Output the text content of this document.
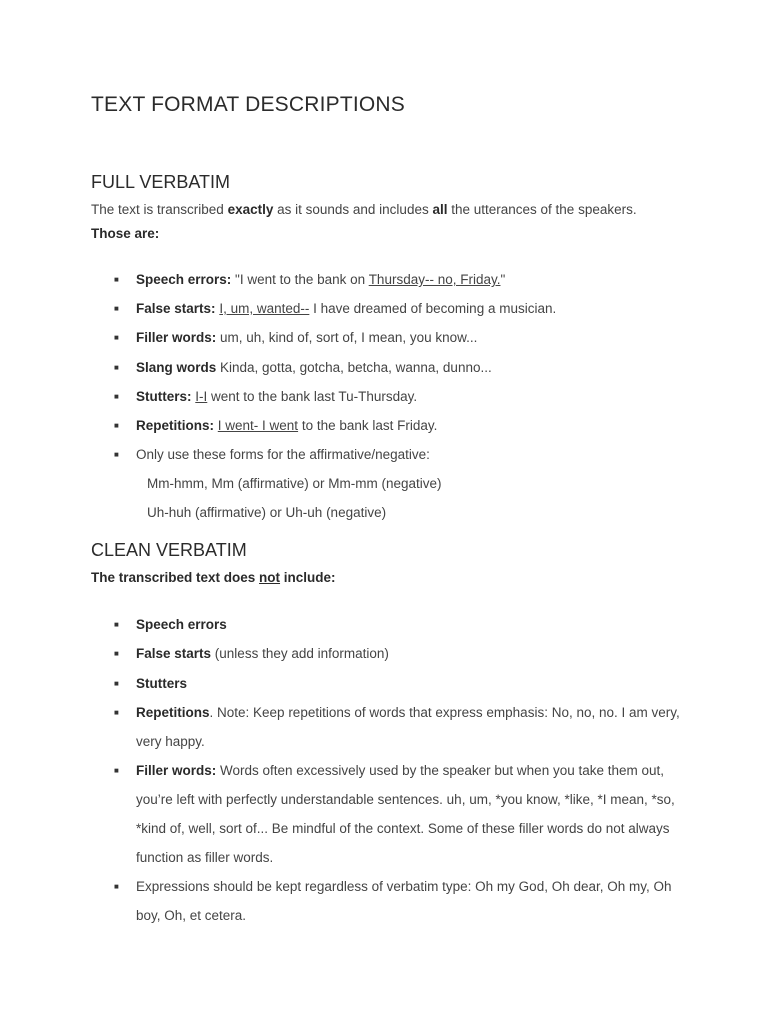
TEXT FORMAT DESCRIPTIONS
FULL VERBATIM

The text is transcribed exactly as it sounds and includes all the utterances of the speakers.

Those are:

■ Speech errors: "I went to the bank on Thursday-- no, Friday."
■ False starts: I, um, wanted-- I have dreamed of becoming a musician.
■ Filler words: um, uh, kind of, sort of, I mean, you know...
■ Slang words Kinda, gotta, gotcha, betcha, wanna, dunno...
■ Stutters: I-I went to the bank last Tu-Thursday.
■ Repetitions: I went- I went to the bank last Friday.
■ Only use these forms for the affirmative/negative:
Mm-hmm, Mm (affirmative) or Mm-mm (negative)
Uh-huh (affirmative) or Uh-uh (negative)
CLEAN VERBATIM

The transcribed text does not include:

■ Speech errors
■ False starts (unless they add information)
■ Stutters
■ Repetitions. Note: Keep repetitions of words that express emphasis: No, no, no. I am very, very happy.
■ Filler words: Words often excessively used by the speaker but when you take them out, you’re left with perfectly understandable sentences. uh, um, *you know, *like, *I mean, *so, *kind of, well, sort of... Be mindful of the context. Some of these filler words do not always function as filler words.
■ Expressions should be kept regardless of verbatim type: Oh my God, Oh dear, Oh my, Oh boy, Oh, et cetera.
